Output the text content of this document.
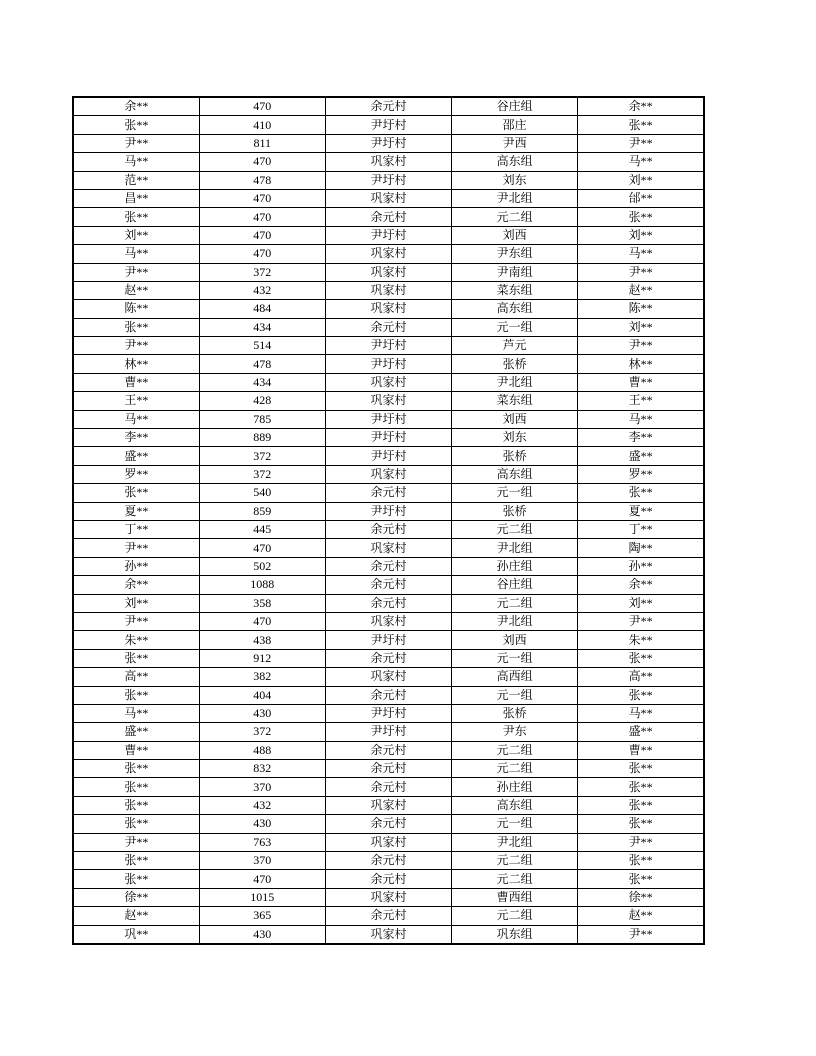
余**	470	余元村	谷庄组	余**
张**	410	尹圩村	邵庄	张**
尹**	811	尹圩村	尹西	尹**
马**	470	巩家村	高东组	马**
范**	478	尹圩村	刘东	刘**
昌**	470	巩家村	尹北组	邰**
张**	470	余元村	元二组	张**
刘**	470	尹圩村	刘西	刘**
马**	470	巩家村	尹东组	马**
尹**	372	巩家村	尹南组	尹**
赵**	432	巩家村	菜东组	赵**
陈**	484	巩家村	高东组	陈**
张**	434	余元村	元一组	刘**
尹**	514	尹圩村	芦元	尹**
林**	478	尹圩村	张桥	林**
曹**	434	巩家村	尹北组	曹**
王**	428	巩家村	菜东组	王**
马**	785	尹圩村	刘西	马**
李**	889	尹圩村	刘东	李**
盛**	372	尹圩村	张桥	盛**
罗**	372	巩家村	高东组	罗**
张**	540	余元村	元一组	张**
夏**	859	尹圩村	张桥	夏**
丁**	445	余元村	元二组	丁**
尹**	470	巩家村	尹北组	陶**
孙**	502	余元村	孙庄组	孙**
余**	1088	余元村	谷庄组	余**
刘**	358	余元村	元二组	刘**
尹**	470	巩家村	尹北组	尹**
朱**	438	尹圩村	刘西	朱**
张**	912	余元村	元一组	张**
高**	382	巩家村	高西组	高**
张**	404	余元村	元一组	张**
马**	430	尹圩村	张桥	马**
盛**	372	尹圩村	尹东	盛**
曹**	488	余元村	元二组	曹**
张**	832	余元村	元二组	张**
张**	370	余元村	孙庄组	张**
张**	432	巩家村	高东组	张**
张**	430	余元村	元一组	张**
尹**	763	巩家村	尹北组	尹**
张**	370	余元村	元二组	张**
张**	470	余元村	元二组	张**
徐**	1015	巩家村	曹西组	徐**
赵**	365	余元村	元二组	赵**
巩**	430	巩家村	巩东组	尹**
